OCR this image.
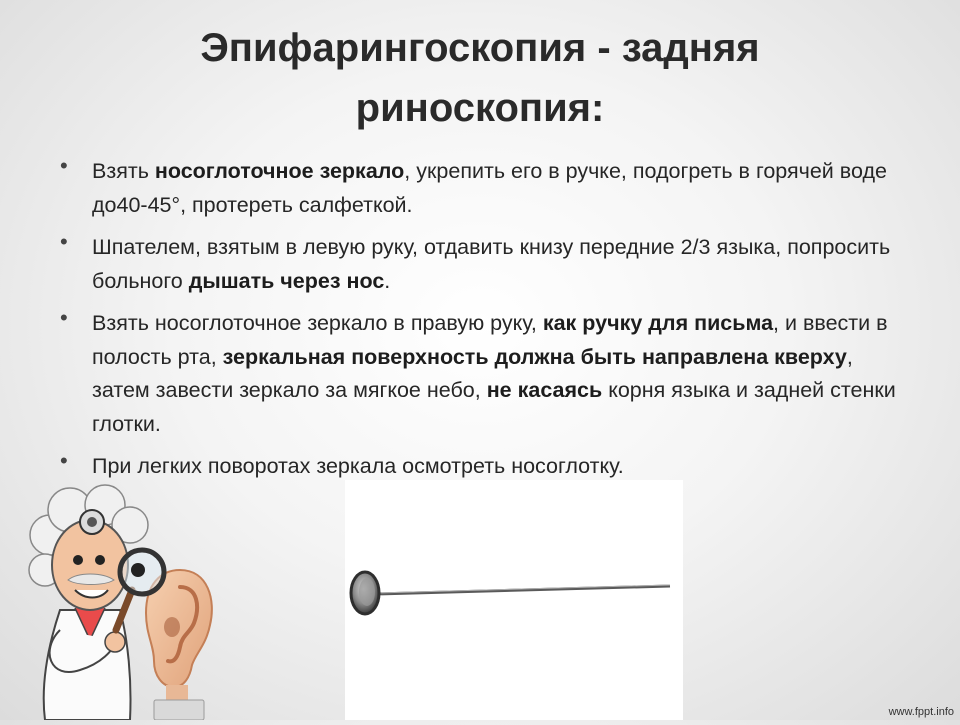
Эпифарингоскопия - задняя
риноскопия:
•	Взять носоглоточное зеркало, укрепить его в ручке, подогреть в горячей воде до40-45°, протереть салфеткой.
•	Шпателем, взятым в левую руку, отдавить книзу передние 2/3 языка, попросить больного дышать через нос.
•	Взять носоглоточное зеркало в правую руку, как ручку для письма, и ввести в полость рта, зеркальная поверхность должна быть направлена кверху, затем завести зеркало за мягкое небо, не касаясь корня языка и задней стенки глотки.
•	При легких поворотах зеркала осмотреть носоглотку.
www.fppt.info
